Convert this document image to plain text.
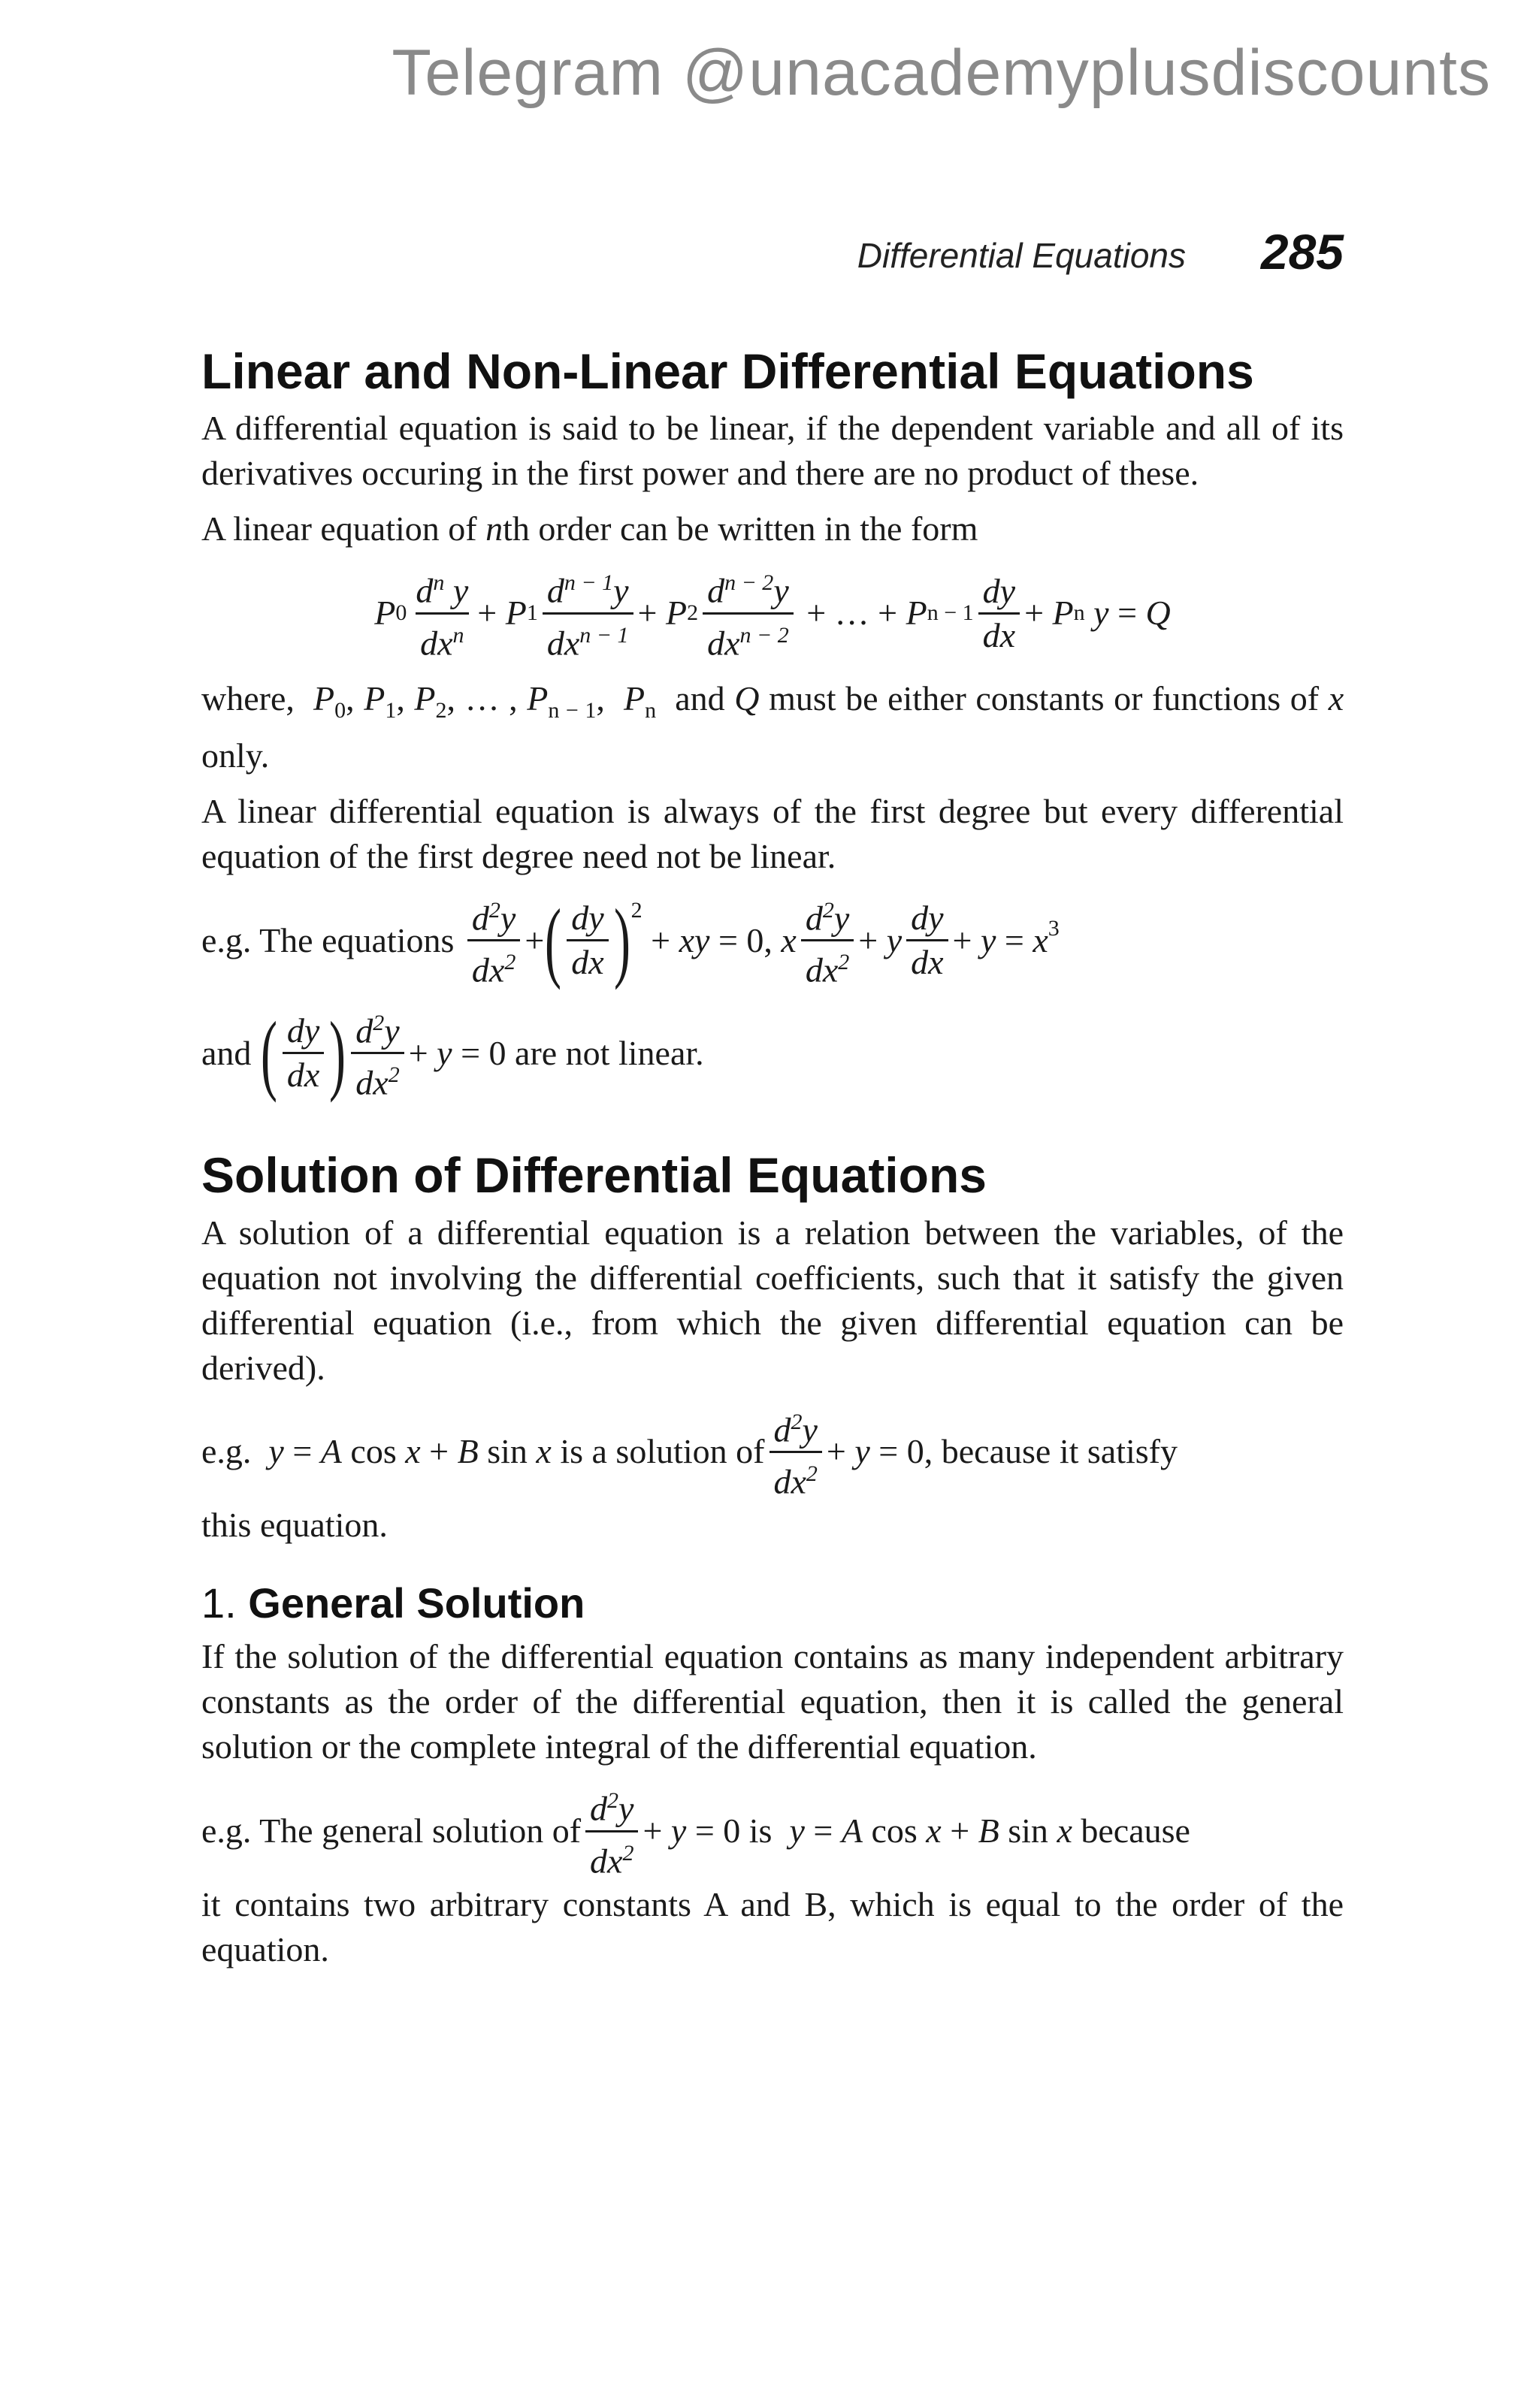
Telegram @unacademyplusdiscounts
Differential Equations 285
Linear and Non-Linear Differential Equations

A differential equation is said to be linear, if the dependent variable and all of its derivatives occuring in the first power and there are no product of these.

A linear equation of nth order can be written in the form

P $0 \frac{d^n y}{dx^n} + P$ $1 \frac{d^{n - 1}y}{dx^{n - 1}} + P$ $2 \frac{d^{n - 2}y}{dx^{n - 2}}$ + … + P $n - 1 \frac{dy}{dx} + P$ n y = Q

where, $P_0$, $P_1$, $P_2$, … , $P_{n - 1}$,  $P_n$ and Q must be either constants or functions of x only.

A linear differential equation is always of the first degree but every differential equation of the first degree need not be linear.

e.g. The equations
$\frac{d^2y}{dx^2}$ + ( $\frac{dy}{dx} )^2$
+ xy = 0, x $\frac{d^2y}{dx^2} + y \frac{dy}{dx} + y = x^3$
and
( $\frac{dy}{dx}$ ) $\frac{d^2y}{dx^2} + y = 0$ are not linear.
Solution of Differential Equations

A solution of a differential equation is a relation between the variables, of the equation not involving the differential coefficients, such that it satisfy the given differential equation (i.e., from which the given differential equation can be derived).

e.g.
y = A cos x + B sin x
is a solution of $\frac{d^2y}{dx^2} + y = 0$ , because it satisfy

this equation.

1. General Solution

If the solution of the differential equation contains as many independent arbitrary constants as the order of the differential equation, then it is called the general solution or the complete integral of the differential equation.

e.g. The general solution of $\frac{d^2y}{dx^2} + y = 0$ is
y = A cos x + B sin x
because

it contains two arbitrary constants A and B, which is equal to the order of the equation.
